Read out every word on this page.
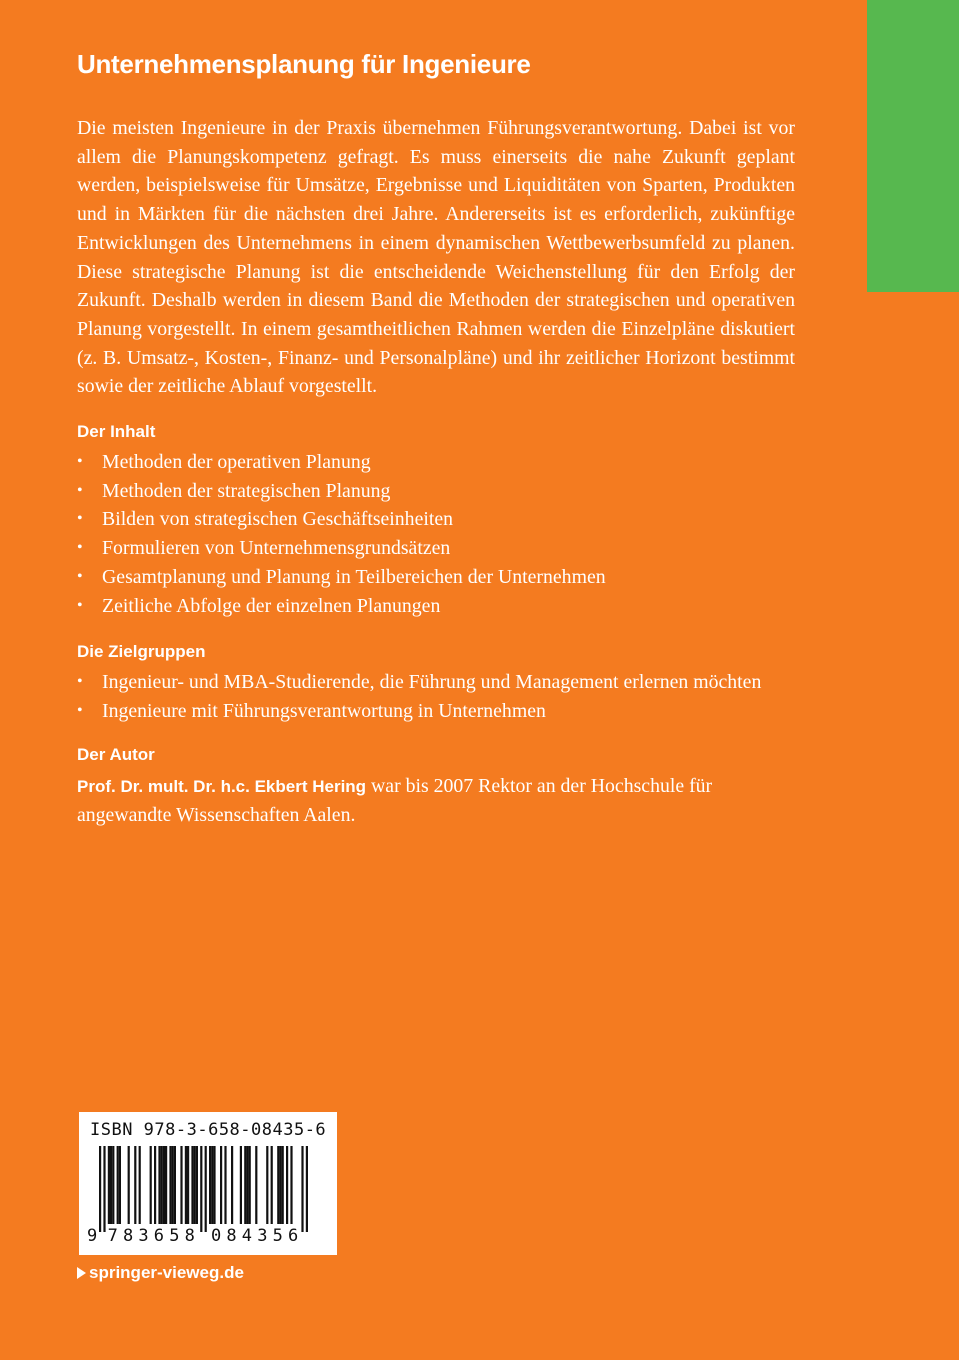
Unternehmensplanung für Ingenieure

Die meisten Ingenieure in der Praxis übernehmen Führungsverantwortung. Dabei ist vor allem die Planungskompetenz gefragt. Es muss einerseits die nahe Zukunft geplant werden, beispielsweise für Umsätze, Ergebnisse und Liquiditäten von Sparten, Produkten und in Märkten für die nächsten drei Jahre. Andererseits ist es erforderlich, zukünftige Entwicklungen des Unternehmens in einem dynamischen Wettbewerbsumfeld zu planen. Diese strategische Planung ist die entscheidende Weichenstellung für den Erfolg der Zukunft. Deshalb werden in diesem Band die Methoden der strategischen und operativen Planung vorgestellt. In einem gesamtheitlichen Rahmen werden die Einzelpläne diskutiert (z. B. Umsatz-, Kosten-, Finanz- und Personalpläne) und ihr zeitlicher Horizont bestimmt sowie der zeitliche Ablauf vorgestellt.

Der Inhalt
• Methoden der operativen Planung
• Methoden der strategischen Planung
• Bilden von strategischen Geschäftseinheiten
• Formulieren von Unternehmensgrundsätzen
• Gesamtplanung und Planung in Teilbereichen der Unternehmen
• Zeitliche Abfolge der einzelnen Planungen
Die Zielgruppen
• Ingenieur- und MBA-Studierende, die Führung und Management erlernen möchten
• Ingenieure mit Führungsverantwortung in Unternehmen
Der Autor

Prof. Dr. mult. Dr. h.c. Ekbert Hering war bis 2007 Rektor an der Hochschule für angewandte Wissenschaften Aalen.

ISBN 978-3-658-08435-6
9 7 8 3 6 5 8 0 8 4 3 5 6
springer-vieweg.de
